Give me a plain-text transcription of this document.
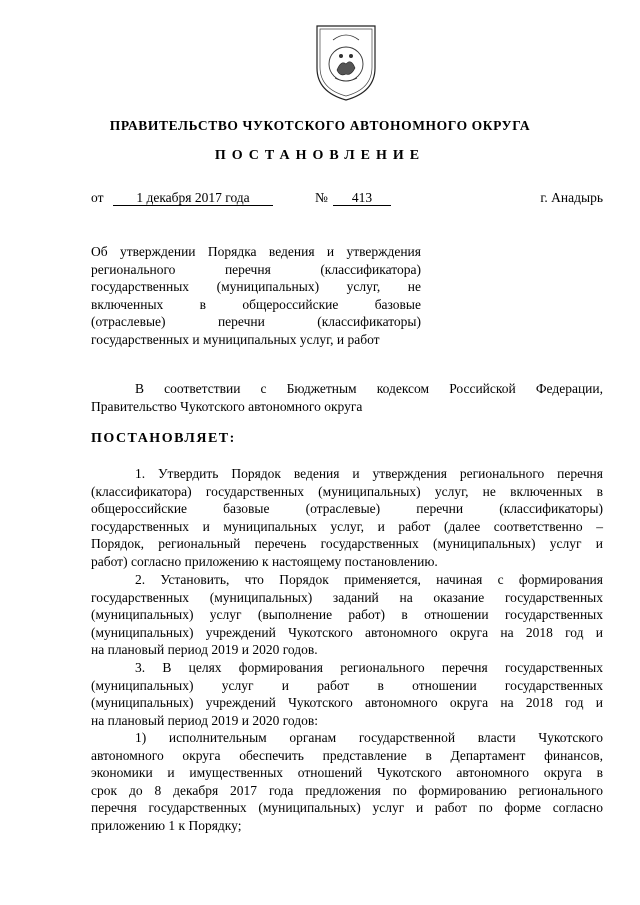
ПРАВИТЕЛЬСТВО ЧУКОТСКОГО АВТОНОМНОГО ОКРУГА
ПОСТАНОВЛЕНИЕ
от	1 декабря 2017 года	№	413	г. Анадырь
Об утверждении Порядка ведения и утверждения
регионального перечня (классификатора)
государственных (муниципальных) услуг, не
включенных в общероссийские базовые
(отраслевые) перечни (классификаторы)
государственных и муниципальных услуг, и работ
В соответствии с Бюджетным кодексом Российской Федерации,
Правительство Чукотского автономного округа
ПОСТАНОВЛЯЕТ:
1. Утвердить Порядок ведения и утверждения регионального перечня
(классификатора) государственных (муниципальных) услуг, не включенных в
общероссийские базовые (отраслевые) перечни (классификаторы)
государственных и муниципальных услуг, и работ (далее соответственно –
Порядок, региональный перечень государственных (муниципальных) услуг и
работ) согласно приложению к настоящему постановлению.
2. Установить, что Порядок применяется, начиная с формирования
государственных (муниципальных) заданий на оказание государственных
(муниципальных) услуг (выполнение работ) в отношении государственных
(муниципальных) учреждений Чукотского автономного округа на 2018 год и
на плановый период 2019 и 2020 годов.
3. В целях формирования регионального перечня государственных
(муниципальных) услуг и работ в отношении государственных
(муниципальных) учреждений Чукотского автономного округа на 2018 год и
на плановый период 2019 и 2020 годов:
1) исполнительным органам государственной власти Чукотского
автономного округа обеспечить представление в Департамент финансов,
экономики и имущественных отношений Чукотского автономного округа в
срок до 8 декабря 2017 года предложения по формированию регионального
перечня государственных (муниципальных) услуг и работ по форме согласно
приложению 1 к Порядку;
